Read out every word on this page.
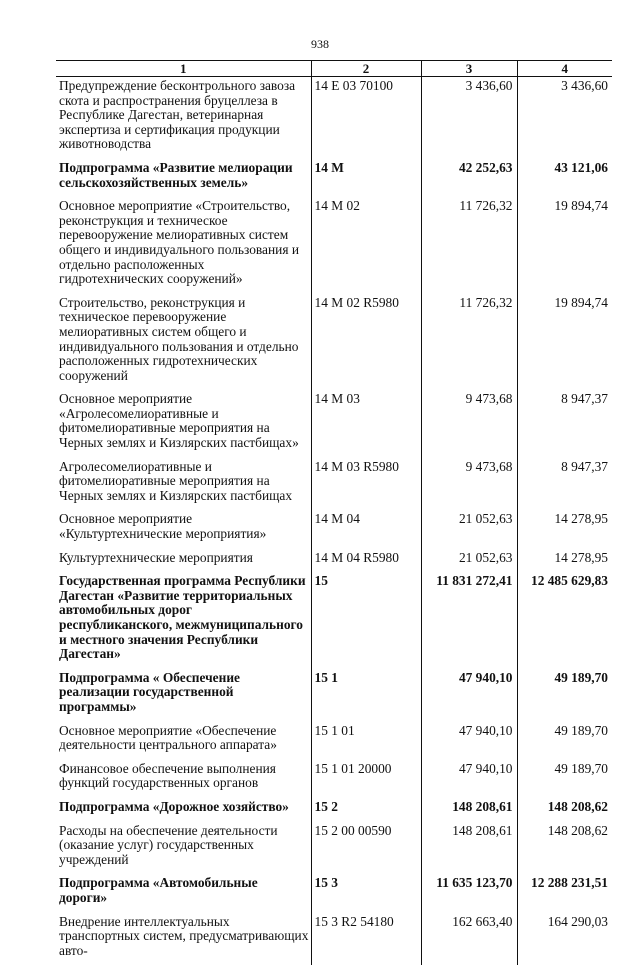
938
1	2	3	4
Предупреждение бесконтрольного завоза скота и распространения бруцеллеза в Республике Дагестан, ветеринарная экспертиза и сертификация продукции животноводства	14 Е 03 70100	3 436,60	3 436,60
Подпрограмма «Развитие мелиорации сельскохозяйственных земель»	14 М	42 252,63	43 121,06
Основное мероприятие «Строительство, реконструкция и техническое перевооружение мелиоративных систем общего и индивидуального пользования и отдельно расположенных гидротехнических сооружений»	14 М 02	11 726,32	19 894,74
Строительство, реконструкция и техническое перевооружение мелиоративных систем общего и индивидуального пользования и отдельно расположенных гидротехнических сооружений	14 М 02 R5980	11 726,32	19 894,74
Основное мероприятие «Агролесомелиоративные и фитомелиоративные мероприятия на Черных землях и Кизлярских пастбищах»	14 М 03	9 473,68	8 947,37
Агролесомелиоративные и фитомелиоративные мероприятия на Черных землях и Кизлярских пастбищах	14 М 03 R5980	9 473,68	8 947,37
Основное мероприятие «Культуртехнические мероприятия»	14 М 04	21 052,63	14 278,95
Культуртехнические мероприятия	14 М 04 R5980	21 052,63	14 278,95
Государственная программа Республики Дагестан «Развитие территориальных автомобильных дорог республиканского, межмуниципального и местного значения Республики Дагестан»	15	11 831 272,41	12 485 629,83
Подпрограмма « Обеспечение реализации государственной программы»	15 1	47 940,10	49 189,70
Основное мероприятие «Обеспечение деятельности центрального аппарата»	15 1 01	47 940,10	49 189,70
Финансовое обеспечение выполнения функций государственных органов	15 1 01 20000	47 940,10	49 189,70
Подпрограмма «Дорожное хозяйство»	15 2	148 208,61	148 208,62
Расходы на обеспечение деятельности (оказание услуг) государственных учреждений	15 2 00 00590	148 208,61	148 208,62
Подпрограмма «Автомобильные дороги»	15 3	11 635 123,70	12 288 231,51
Внедрение интеллектуальных транспортных систем, предусматривающих авто-	15 3 R2 54180	162 663,40	164 290,03
